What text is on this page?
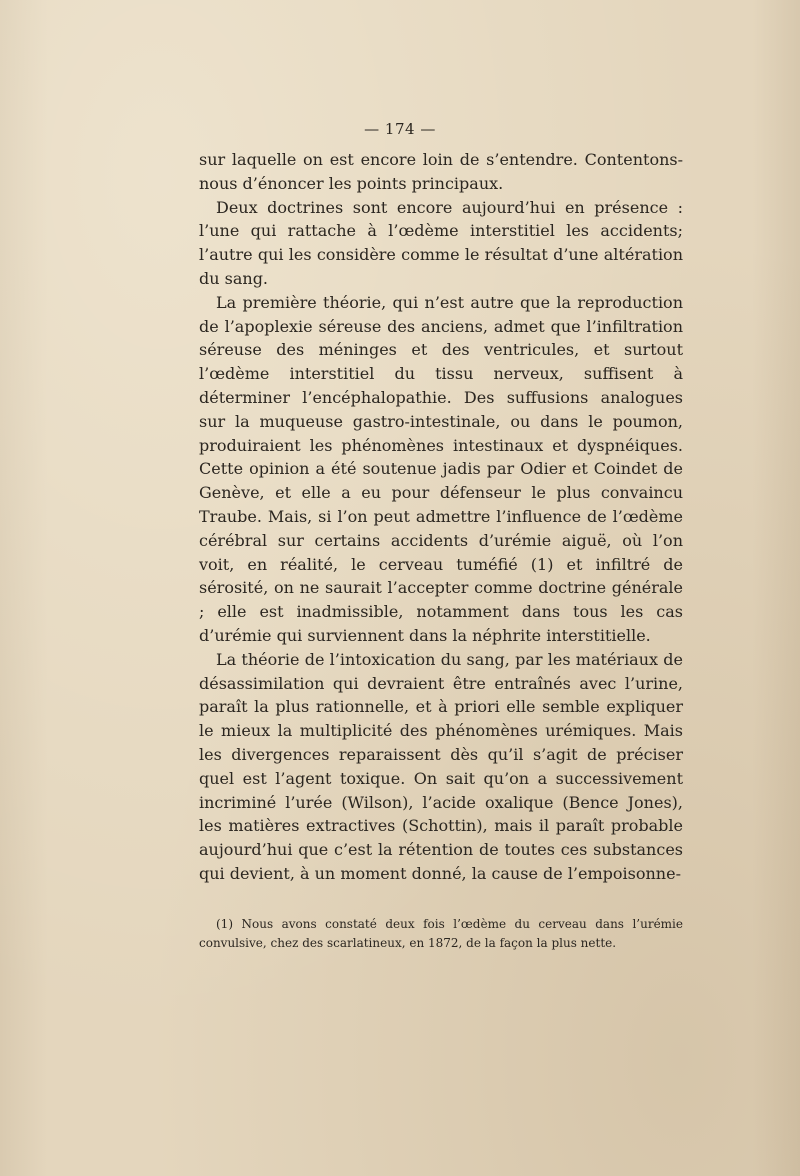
— 174 —

sur laquelle on est encore loin de s’entendre. Contentons-nous d’énoncer les points principaux.

Deux doctrines sont encore aujourd’hui en présence : l’une qui rattache à l’œdème interstitiel les accidents; l’autre qui les considère comme le résultat d’une altération du sang.

La première théorie, qui n’est autre que la reproduction de l’apoplexie séreuse des anciens, admet que l’infiltration séreuse des méninges et des ventricules, et surtout l’œdème interstitiel du tissu nerveux, suffisent à déterminer l’encéphalopathie. Des suffusions analogues sur la muqueuse gastro-intestinale, ou dans le poumon, produiraient les phénomènes intestinaux et dyspnéiques. Cette opinion a été soutenue jadis par Odier et Coindet de Genève, et elle a eu pour défenseur le plus convaincu Traube. Mais, si l’on peut admettre l’influence de l’œdème cérébral sur certains accidents d’urémie aiguë, où l’on voit, en réalité, le cerveau tuméfié (1) et infiltré de sérosité, on ne saurait l’accepter comme doctrine générale ; elle est inadmissible, notamment dans tous les cas d’urémie qui surviennent dans la néphrite interstitielle.

La théorie de l’intoxication du sang, par les matériaux de désassimilation qui devraient être entraînés avec l’urine, paraît la plus rationnelle, et à priori elle semble expliquer le mieux la multiplicité des phénomènes urémiques. Mais les divergences reparaissent dès qu’il s’agit de préciser quel est l’agent toxique. On sait qu’on a successivement incriminé l’urée (Wilson), l’acide oxalique (Bence Jones), les matières extractives (Schottin), mais il paraît probable aujourd’hui que c’est la rétention de toutes ces substances qui devient, à un moment donné, la cause de l’empoisonne-

(1) Nous avons constaté deux fois l’œdème du cerveau dans l’urémie convulsive, chez des scarlatineux, en 1872, de la façon la plus nette.
